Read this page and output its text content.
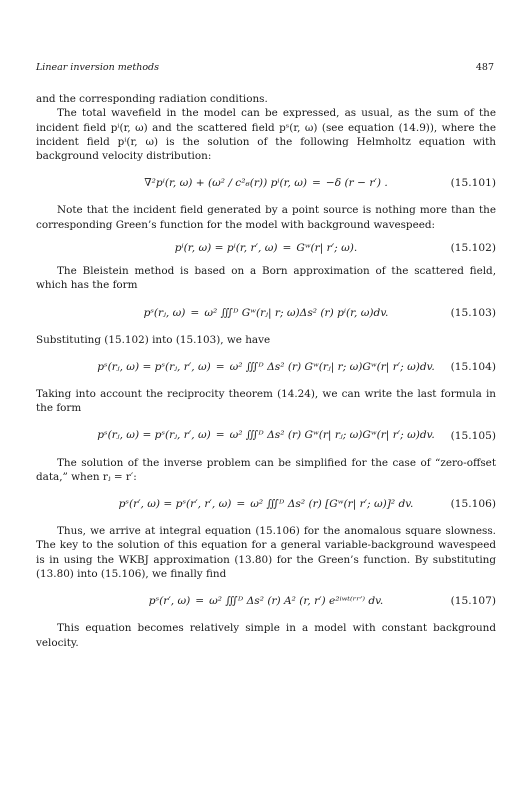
Linear inversion methods	487

and the corresponding radiation conditions.

The total wavefield in the model can be expressed, as usual, as the sum of the incident field pⁱ(r, ω) and the scattered field pˢ(r, ω) (see equation (14.9)), where the incident field pⁱ(r, ω) is the solution of the following Helmholtz equation with background velocity distribution:

∇²pⁱ(r, ω) + (ω² / c²₆(r)) pⁱ(r, ω) = −δ (r − r′) .	(15.101)

Note that the incident field generated by a point source is nothing more than the corresponding Green’s function for the model with background wavespeed:

pⁱ(r, ω) = pⁱ(r, r′, ω) = Gʷ(r| r′; ω).	(15.102)

The Bleistein method is based on a Born approximation of the scattered field, which has the form

pˢ(rⱼ, ω) = ω² ∭ᴰ Gʷ(rⱼ| r; ω)Δs² (r) pⁱ(r, ω)dv.	(15.103)

Substituting (15.102) into (15.103), we have

pˢ(rⱼ, ω) = pˢ(rⱼ, r′, ω) = ω² ∭ᴰ Δs² (r) Gʷ(rⱼ| r; ω)Gʷ(r| r′; ω)dv. (15.104)

Taking into account the reciprocity theorem (14.24), we can write the last formula in the form

pˢ(rⱼ, ω) = pˢ(rⱼ, r′, ω) = ω² ∭ᴰ Δs² (r) Gʷ(r| rⱼ; ω)Gʷ(r| r′; ω)dv. (15.105)

The solution of the inverse problem can be simplified for the case of “zero-offset data,” when rⱼ = r′:

pˢ(r′, ω) = pˢ(r′, r′, ω) = ω² ∭ᴰ Δs² (r) [Gʷ(r| r′; ω)]² dv.	(15.106)

Thus, we arrive at integral equation (15.106) for the anomalous square slowness. The key to the solution of this equation for a general variable-background wavespeed is in using the WKBJ approximation (13.80) for the Green’s function. By substituting (13.80) into (15.106), we finally find

pˢ(r′, ω) = ω² ∭ᴰ Δs² (r) A² (r, r′) e²ⁱʷᵗ⁽ʳʳ′⁾ dv.	(15.107)

This equation becomes relatively simple in a model with constant background velocity.
